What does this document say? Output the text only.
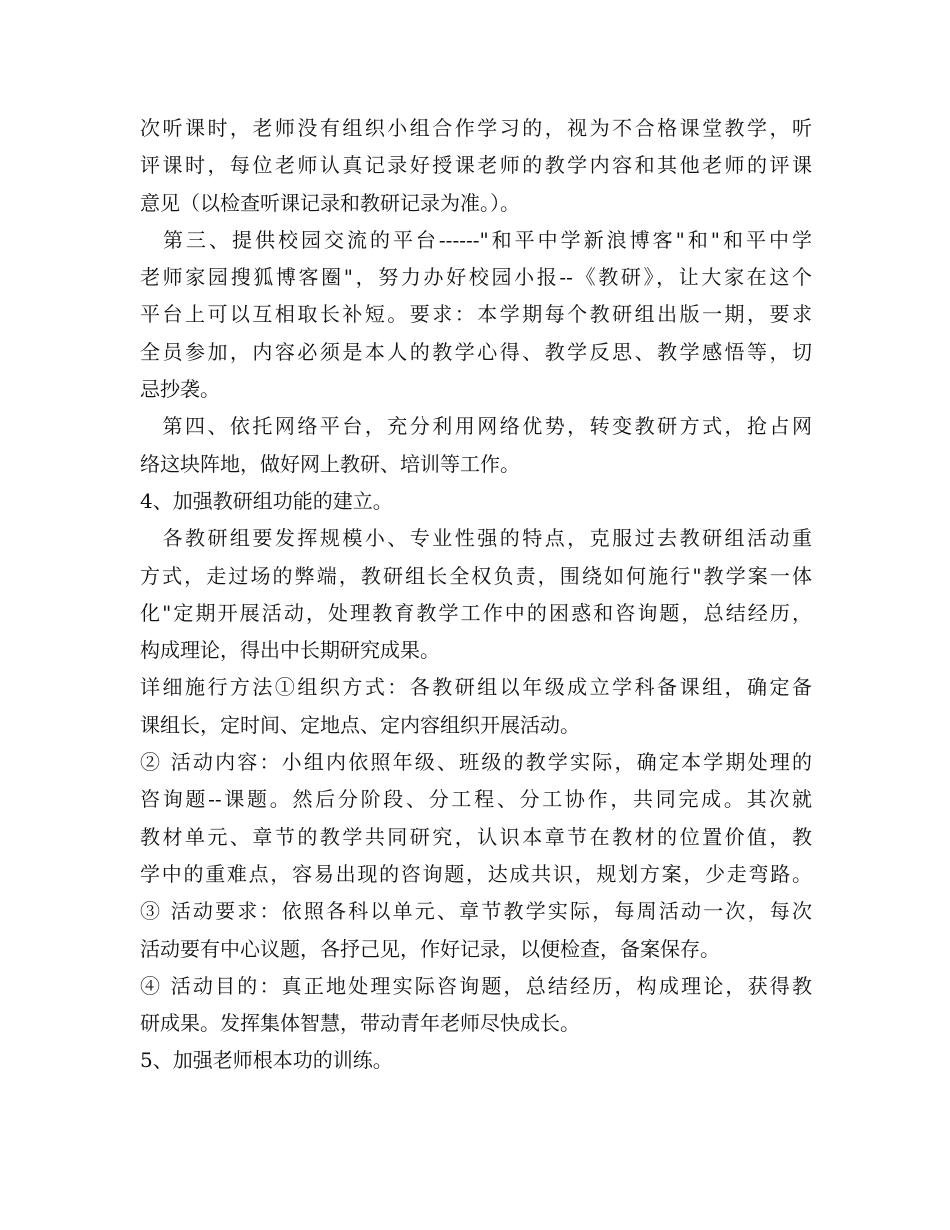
次听课时，老师没有组织小组合作学习的，视为不合格课堂教学，听
评课时，每位老师认真记录好授课老师的教学内容和其他老师的评课
意见（以检查听课记录和教研记录为准。）。
　第三、提供校园交流的平台------"和平中学新浪博客"和"和平中学
老师家园搜狐博客圈"，努力办好校园小报--《教研》，让大家在这个
平台上可以互相取长补短。要求：本学期每个教研组出版一期，要求
全员参加，内容必须是本人的教学心得、教学反思、教学感悟等，切
忌抄袭。
　第四、依托网络平台，充分利用网络优势，转变教研方式，抢占网
络这块阵地，做好网上教研、培训等工作。
4、加强教研组功能的建立。
　各教研组要发挥规模小、专业性强的特点，克服过去教研组活动重
方式，走过场的弊端，教研组长全权负责，围绕如何施行"教学案一体
化"定期开展活动，处理教育教学工作中的困惑和咨询题，总结经历，
构成理论，得出中长期研究成果。
详细施行方法①组织方式：各教研组以年级成立学科备课组，确定备
课组长，定时间、定地点、定内容组织开展活动。
② 活动内容：小组内依照年级、班级的教学实际，确定本学期处理的
咨询题--课题。然后分阶段、分工程、分工协作，共同完成。其次就
教材单元、章节的教学共同研究，认识本章节在教材的位置价值，教
学中的重难点，容易出现的咨询题，达成共识，规划方案，少走弯路。
③ 活动要求：依照各科以单元、章节教学实际，每周活动一次，每次
活动要有中心议题，各抒己见，作好记录，以便检查，备案保存。
④ 活动目的：真正地处理实际咨询题，总结经历，构成理论，获得教
研成果。发挥集体智慧，带动青年老师尽快成长。
5、加强老师根本功的训练。
